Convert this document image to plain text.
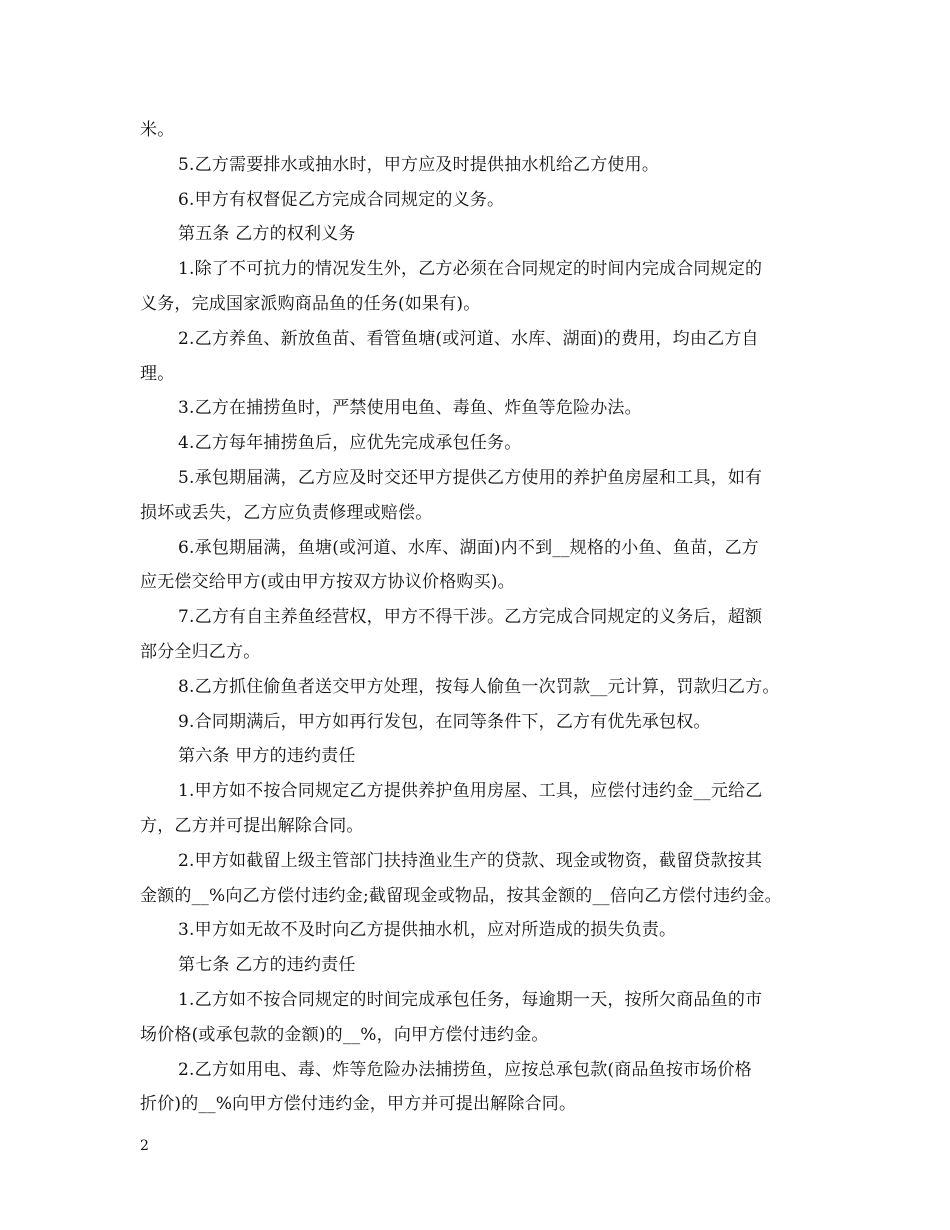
米。
5.乙方需要排水或抽水时，甲方应及时提供抽水机给乙方使用。
6.甲方有权督促乙方完成合同规定的义务。
第五条 乙方的权利义务
1.除了不可抗力的情况发生外，乙方必须在合同规定的时间内完成合同规定的
义务，完成国家派购商品鱼的任务(如果有)。
2.乙方养鱼、新放鱼苗、看管鱼塘(或河道、水库、湖面)的费用，均由乙方自
理。
3.乙方在捕捞鱼时，严禁使用电鱼、毒鱼、炸鱼等危险办法。
4.乙方每年捕捞鱼后，应优先完成承包任务。
5.承包期届满，乙方应及时交还甲方提供乙方使用的养护鱼房屋和工具，如有
损坏或丢失，乙方应负责修理或赔偿。
6.承包期届满，鱼塘(或河道、水库、湖面)内不到__规格的小鱼、鱼苗，乙方
应无偿交给甲方(或由甲方按双方协议价格购买)。
7.乙方有自主养鱼经营权，甲方不得干涉。乙方完成合同规定的义务后，超额
部分全归乙方。
8.乙方抓住偷鱼者送交甲方处理，按每人偷鱼一次罚款__元计算，罚款归乙方。
9.合同期满后，甲方如再行发包，在同等条件下，乙方有优先承包权。
第六条 甲方的违约责任
1.甲方如不按合同规定乙方提供养护鱼用房屋、工具，应偿付违约金__元给乙
方，乙方并可提出解除合同。
2.甲方如截留上级主管部门扶持渔业生产的贷款、现金或物资，截留贷款按其
金额的__%向乙方偿付违约金;截留现金或物品，按其金额的__倍向乙方偿付违约金。
3.甲方如无故不及时向乙方提供抽水机，应对所造成的损失负责。
第七条 乙方的违约责任
1.乙方如不按合同规定的时间完成承包任务，每逾期一天，按所欠商品鱼的市
场价格(或承包款的金额)的__%，向甲方偿付违约金。
2.乙方如用电、毒、炸等危险办法捕捞鱼，应按总承包款(商品鱼按市场价格
折价)的__%向甲方偿付违约金，甲方并可提出解除合同。
2
